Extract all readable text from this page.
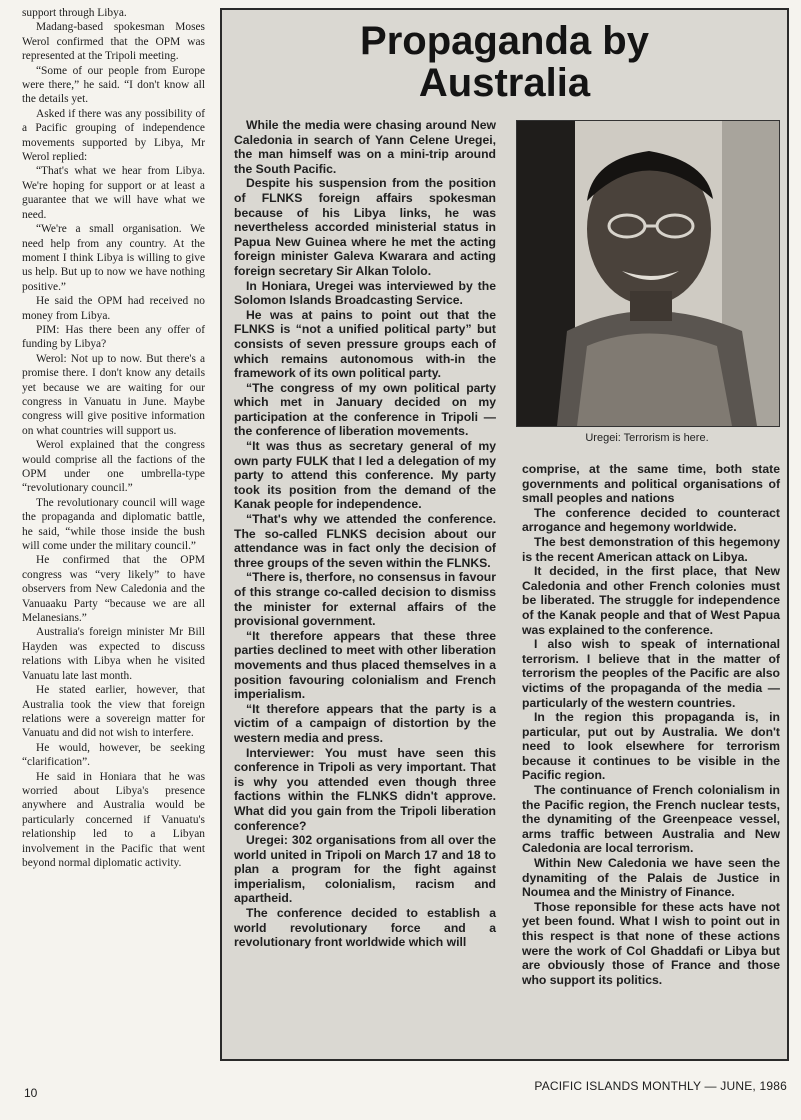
support through Libya.

Madang-based spokesman Moses Werol confirmed that the OPM was represented at the Tripoli meeting.

“Some of our people from Europe were there,” he said. “I don't know all the details yet.

Asked if there was any possibility of a Pacific grouping of independence movements supported by Libya, Mr Werol replied:

“That's what we hear from Libya. We're hoping for support or at least a guarantee that we will have what we need.

“We're a small organisation. We need help from any country. At the moment I think Libya is willing to give us help. But up to now we have nothing positive.”

He said the OPM had received no money from Libya.

PIM: Has there been any offer of funding by Libya?

Werol: Not up to now. But there's a promise there. I don't know any details yet because we are waiting for our congress in Vanuatu in June. Maybe congress will give positive information on what countries will support us.

Werol explained that the congress would comprise all the factions of the OPM under one umbrella-type “revolutionary council.”

The revolutionary council will wage the propaganda and diplomatic battle, he said, “while those inside the bush will come under the military council.”

He confirmed that the OPM congress was “very likely” to have observers from New Caledonia and the Vanuaaku Party “because we are all Melanesians.”

Australia's foreign minister Mr Bill Hayden was expected to discuss relations with Libya when he visited Vanuatu late last month.

He stated earlier, however, that Australia took the view that foreign relations were a sovereign matter for Vanuatu and did not wish to interfere.

He would, however, be seeking “clarification”.

He said in Honiara that he was worried about Libya's presence anywhere and Australia would be particularly concerned if Vanuatu's relationship led to a Libyan involvement in the Pacific that went beyond normal diplomatic activity.

Propaganda by
Australia

While the media were chasing around New Caledonia in search of Yann Celene Uregei, the man himself was on a mini-trip around the South Pacific.

Despite his suspension from the position of FLNKS foreign affairs spokesman because of his Libya links, he was nevertheless accorded ministerial status in Papua New Guinea where he met the acting foreign minister Galeva Kwarara and acting foreign secretary Sir Alkan Tololo.

In Honiara, Uregei was interviewed by the Solomon Islands Broadcasting Service.

He was at pains to point out that the FLNKS is “not a unified political party” but consists of seven pressure groups each of which remains autonomous with-in the framework of its own political party.

“The congress of my own political party which met in January decided on my participation at the conference in Tripoli — the conference of liberation movements.

“It was thus as secretary general of my own party FULK that I led a delegation of my party to attend this conference. My party took its position from the demand of the Kanak people for independence.

“That's why we attended the conference. The so-called FLNKS decision about our attendance was in fact only the decision of three groups of the seven within the FLNKS.

“There is, therfore, no consensus in favour of this strange co-called decision to dismiss the minister for external affairs of the provisional government.

“It therefore appears that these three parties declined to meet with other liberation movements and thus placed themselves in a position favouring colonialism and French imperialism.

“It therefore appears that the party is a victim of a campaign of distortion by the western media and press.

Interviewer: You must have seen this conference in Tripoli as very important. That is why you attended even though three factions within the FLNKS didn't approve. What did you gain from the Tripoli liberation conference?

Uregei: 302 organisations from all over the world united in Tripoli on March 17 and 18 to plan a program for the fight against imperialism, colonialism, racism and apartheid.

The conference decided to establish a world revolutionary force and a revolutionary front worldwide which will

Uregei: Terrorism is here.

comprise, at the same time, both state governments and political organisations of small peoples and nations

The conference decided to counteract arrogance and hegemony worldwide.

The best demonstration of this hegemony is the recent American attack on Libya.

It decided, in the first place, that New Caledonia and other French colonies must be liberated. The struggle for independence of the Kanak people and that of West Papua was explained to the conference.

I also wish to speak of international terrorism. I believe that in the matter of terrorism the peoples of the Pacific are also victims of the propaganda of the media — particularly of the western countries.

In the region this propaganda is, in particular, put out by Australia. We don't need to look elsewhere for terrorism because it continues to be visible in the Pacific region.

The continuance of French colonialism in the Pacific region, the French nuclear tests, the dynamiting of the Greenpeace vessel, arms traffic between Australia and New Caledonia are local terrorism.

Within New Caledonia we have seen the dynamiting of the Palais de Justice in Noumea and the Ministry of Finance.

Those reponsible for these acts have not yet been found. What I wish to point out in this respect is that none of these actions were the work of Col Ghaddafi or Libya but are obviously those of France and those who support its politics.

10	PACIFIC ISLANDS MONTHLY — JUNE, 1986
